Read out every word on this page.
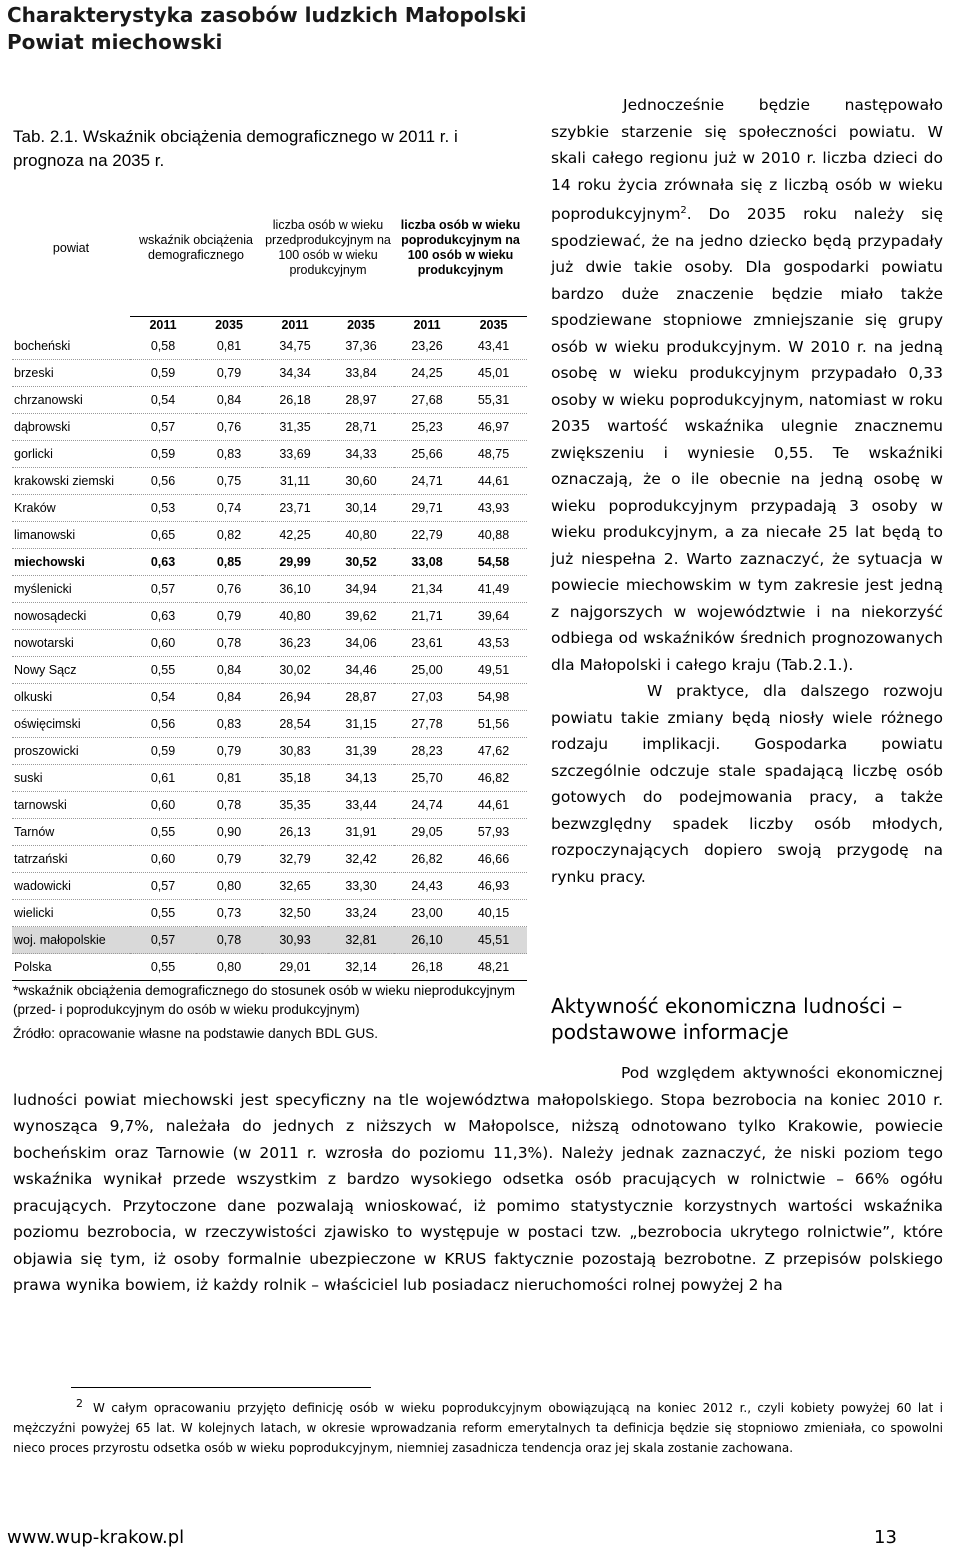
Charakterystyka zasobów ludzkich Małopolski
Powiat miechowski
Tab. 2.1. Wskaźnik obciążenia demograficznego w 2011 r. i prognoza na 2035 r.
powiat	wskaźnik obciążenia demograficznego		liczba osób w wieku przedprodukcyjnym na 100 osób w wieku produkcyjnym		liczba osób w wieku poprodukcyjnym na 100 osób w wieku produkcyjnym	
	2011	2035	2011	2035	2011	2035
bocheński	0,58	0,81	34,75	37,36	23,26	43,41
brzeski	0,59	0,79	34,34	33,84	24,25	45,01
chrzanowski	0,54	0,84	26,18	28,97	27,68	55,31
dąbrowski	0,57	0,76	31,35	28,71	25,23	46,97
gorlicki	0,59	0,83	33,69	34,33	25,66	48,75
krakowski ziemski	0,56	0,75	31,11	30,60	24,71	44,61
Kraków	0,53	0,74	23,71	30,14	29,71	43,93
limanowski	0,65	0,82	42,25	40,80	22,79	40,88
miechowski	0,63	0,85	29,99	30,52	33,08	54,58
myślenicki	0,57	0,76	36,10	34,94	21,34	41,49
nowosądecki	0,63	0,79	40,80	39,62	21,71	39,64
nowotarski	0,60	0,78	36,23	34,06	23,61	43,53
Nowy Sącz	0,55	0,84	30,02	34,46	25,00	49,51
olkuski	0,54	0,84	26,94	28,87	27,03	54,98
oświęcimski	0,56	0,83	28,54	31,15	27,78	51,56
proszowicki	0,59	0,79	30,83	31,39	28,23	47,62
suski	0,61	0,81	35,18	34,13	25,70	46,82
tarnowski	0,60	0,78	35,35	33,44	24,74	44,61
Tarnów	0,55	0,90	26,13	31,91	29,05	57,93
tatrzański	0,60	0,79	32,79	32,42	26,82	46,66
wadowicki	0,57	0,80	32,65	33,30	24,43	46,93
wielicki	0,55	0,73	32,50	33,24	23,00	40,15
woj. małopolskie	0,57	0,78	30,93	32,81	26,10	45,51
Polska	0,55	0,80	29,01	32,14	26,18	48,21
*wskaźnik obciążenia demograficznego do stosunek osób w wieku nieprodukcyjnym (przed- i poprodukcyjnym do osób w wieku produkcyjnym)
Źródło: opracowanie własne na podstawie danych BDL GUS.

Jednocześnie będzie następowało szybkie starzenie się społeczności powiatu. W skali całego regionu już w 2010 r. liczba dzieci do 14 roku życia zrównała się z liczbą osób w wieku poprodukcyjnym$^2$. Do 2035 roku należy się spodziewać, że na jedno dziecko będą przypadały już dwie takie osoby. Dla gospodarki powiatu bardzo duże znaczenie będzie miało także spodziewane stopniowe zmniejszanie się grupy osób w wieku produkcyjnym. W 2010 r. na jedną osobę w wieku produkcyjnym przypadało 0,33 osoby w wieku poprodukcyjnym, natomiast w roku 2035 wartość wskaźnika ulegnie znacznemu zwiększeniu i wyniesie 0,55. Te wskaźniki oznaczają, że o ile obecnie na jedną osobę w wieku poprodukcyjnym przypadają 3 osoby w wieku produkcyjnym, a za niecałe 25 lat będą to już niespełna 2. Warto zaznaczyć, że sytuacja w powiecie miechowskim w tym zakresie jest jedną z najgorszych w województwie i na niekorzyść odbiega od wskaźników średnich prognozowanych dla Małopolski i całego kraju (Tab.2.1.).

W praktyce, dla dalszego rozwoju powiatu takie zmiany będą niosły wiele różnego rodzaju implikacji. Gospodarka powiatu szczególnie odczuje stale spadającą liczbę osób gotowych do podejmowania pracy, a także bezwzględny spadek liczby osób młodych, rozpoczynających dopiero swoją przygodę na rynku pracy.

Aktywność ekonomiczna ludności – podstawowe informacje

Pod względem aktywności ekonomicznej ludności powiat miechowski jest specyficzny na tle województwa małopolskiego. Stopa bezrobocia na koniec 2010 r. wynosząca 9,7%, należała do jednych z niższych w Małopolsce, niższą odnotowano tylko Krakowie, powiecie bocheńskim oraz Tarnowie (w 2011 r. wzrosła do poziomu 11,3%). Należy jednak zaznaczyć, że niski poziom tego wskaźnika wynikał przede wszystkim z bardzo wysokiego odsetka osób pracujących w rolnictwie – 66% ogółu pracujących. Przytoczone dane pozwalają wnioskować, iż pomimo statystycznie korzystnych wartości wskaźnika poziomu bezrobocia, w rzeczywistości zjawisko to występuje w postaci tzw. „bezrobocia ukrytego rolnictwie”, które objawia się tym, iż osoby formalnie ubezpieczone w KRUS faktycznie pozostają bezrobotne. Z przepisów polskiego prawa wynika bowiem, iż każdy rolnik – właściciel lub posiadacz nieruchomości rolnej powyżej 2 ha

$^2$ W całym opracowaniu przyjęto definicję osób w wieku poprodukcyjnym obowiązującą na koniec 2012 r., czyli kobiety powyżej 60 lat i mężczyźni powyżej 65 lat. W kolejnych latach, w okresie wprowadzania reform emerytalnych ta definicja będzie się stopniowo zmieniała, co spowolni nieco proces przyrostu odsetka osób w wieku poprodukcyjnym, niemniej zasadnicza tendencja oraz jej skala zostanie zachowana.
www.wup-krakow.pl	13
